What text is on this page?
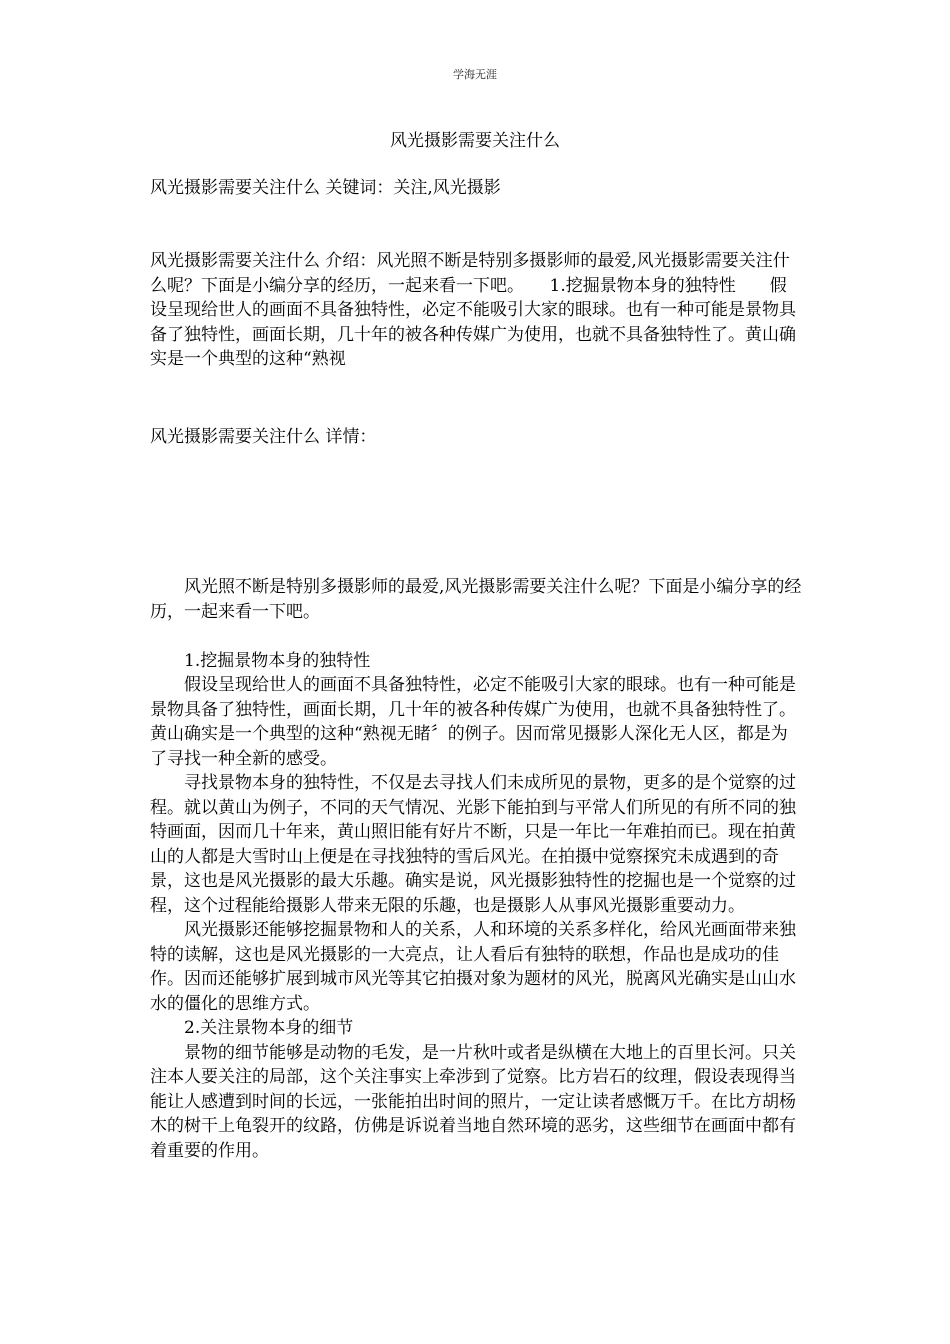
学海无涯
风光摄影需要关注什么
风光摄影需要关注什么 关键词：关注,风光摄影
风光摄影需要关注什么 介绍：风光照不断是特别多摄影师的最爱,风光摄影需要关注什么呢？下面是小编分享的经历，一起来看一下吧。　　1.挖掘景物本身的独特性　　假设呈现给世人的画面不具备独特性，必定不能吸引大家的眼球。也有一种可能是景物具备了独特性，画面长期，几十年的被各种传媒广为使用，也就不具备独特性了。黄山确实是一个典型的这种“熟视
风光摄影需要关注什么 详情：

风光照不断是特别多摄影师的最爱,风光摄影需要关注什么呢？下面是小编分享的经历，一起来看一下吧。

1.挖掘景物本身的独特性

假设呈现给世人的画面不具备独特性，必定不能吸引大家的眼球。也有一种可能是景物具备了独特性，画面长期，几十年的被各种传媒广为使用，也就不具备独特性了。黄山确实是一个典型的这种“熟视无睹〞的例子。因而常见摄影人深化无人区，都是为了寻找一种全新的感受。

寻找景物本身的独特性，不仅是去寻找人们未成所见的景物，更多的是个觉察的过程。就以黄山为例子，不同的天气情况、光影下能拍到与平常人们所见的有所不同的独特画面，因而几十年来，黄山照旧能有好片不断，只是一年比一年难拍而已。现在拍黄山的人都是大雪时山上便是在寻找独特的雪后风光。在拍摄中觉察探究未成遇到的奇景，这也是风光摄影的最大乐趣。确实是说，风光摄影独特性的挖掘也是一个觉察的过程，这个过程能给摄影人带来无限的乐趣，也是摄影人从事风光摄影重要动力。

风光摄影还能够挖掘景物和人的关系，人和环境的关系多样化，给风光画面带来独特的读解，这也是风光摄影的一大亮点，让人看后有独特的联想，作品也是成功的佳作。因而还能够扩展到城市风光等其它拍摄对象为题材的风光，脱离风光确实是山山水水的僵化的思维方式。

2.关注景物本身的细节

景物的细节能够是动物的毛发，是一片秋叶或者是纵横在大地上的百里长河。只关注本人要关注的局部，这个关注事实上牵涉到了觉察。比方岩石的纹理，假设表现得当能让人感遭到时间的长远，一张能拍出时间的照片，一定让读者感慨万千。在比方胡杨木的树干上龟裂开的纹路，仿佛是诉说着当地自然环境的恶劣，这些细节在画面中都有着重要的作用。
